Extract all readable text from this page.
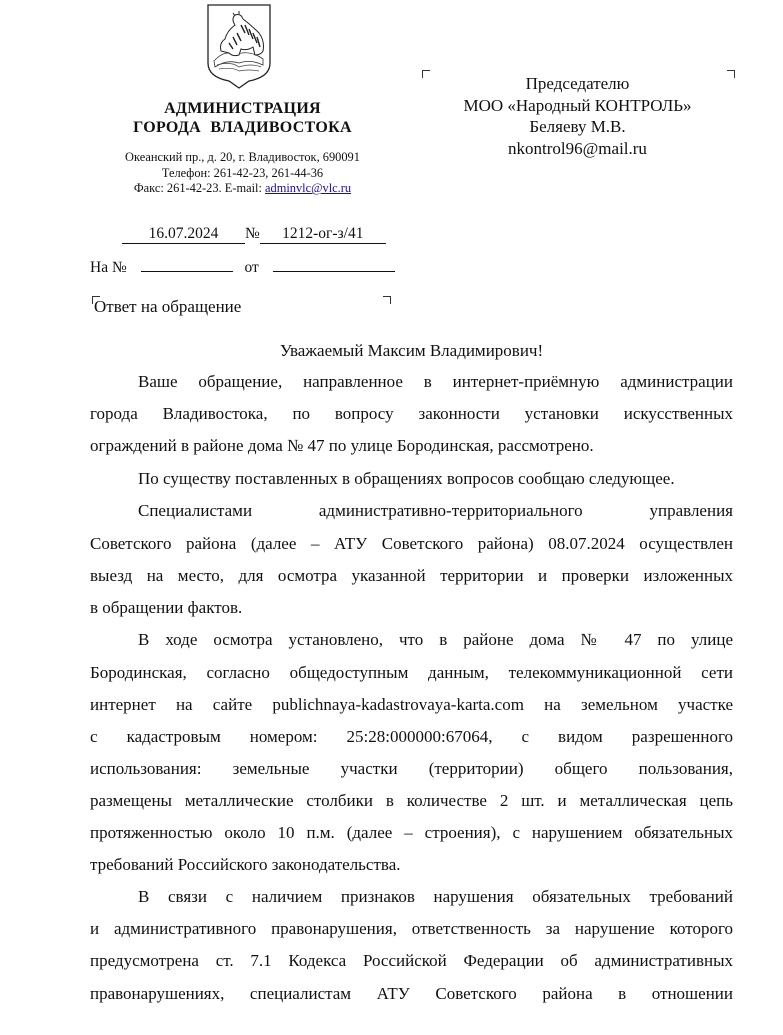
АДМИНИСТРАЦИЯ
ГОРОДА ВЛАДИВОСТОКА
Океанский пр., д. 20, г. Владивосток, 690091
Телефон: 261-42-23, 261-44-36
Факс: 261-42-23. E-mail: adminvlc@vlc.ru
Председателю
МОО «Народный КОНТРОЛЬ»
Беляеву М.В.
nkontrol96@mail.ru
16.07.2024 № 1212-ог-з/41
На №	от
Ответ на обращение
Уважаемый Максим Владимирович!
Ваше обращение, направленное в интернет-приёмную администрации
города Владивостока, по вопросу законности установки искусственных
ограждений в районе дома № 47 по улице Бородинская, рассмотрено.
По существу поставленных в обращениях вопросов сообщаю следующее.
Специалистами административно-территориального управления
Советского района (далее – АТУ Советского района) 08.07.2024 осуществлен
выезд на место, для осмотра указанной территории и проверки изложенных
в обращении фактов.
В ходе осмотра установлено, что в районе дома № 47 по улице
Бородинская, согласно общедоступным данным, телекоммуникационной сети
интернет на сайте publichnaya-kadastrovaya-karta.com на земельном участке
с кадастровым номером: 25:28:000000:67064, с видом разрешенного
использования: земельные участки (территории) общего пользования,
размещены металлические столбики в количестве 2 шт. и металлическая цепь
протяженностью около 10 п.м. (далее – строения), с нарушением обязательных
требований Российского законодательства.
В связи с наличием признаков нарушения обязательных требований
и административного правонарушения, ответственность за нарушение которого
предусмотрена ст. 7.1 Кодекса Российской Федерации об административных
правонарушениях, специалистам АТУ Советского района в отношении
